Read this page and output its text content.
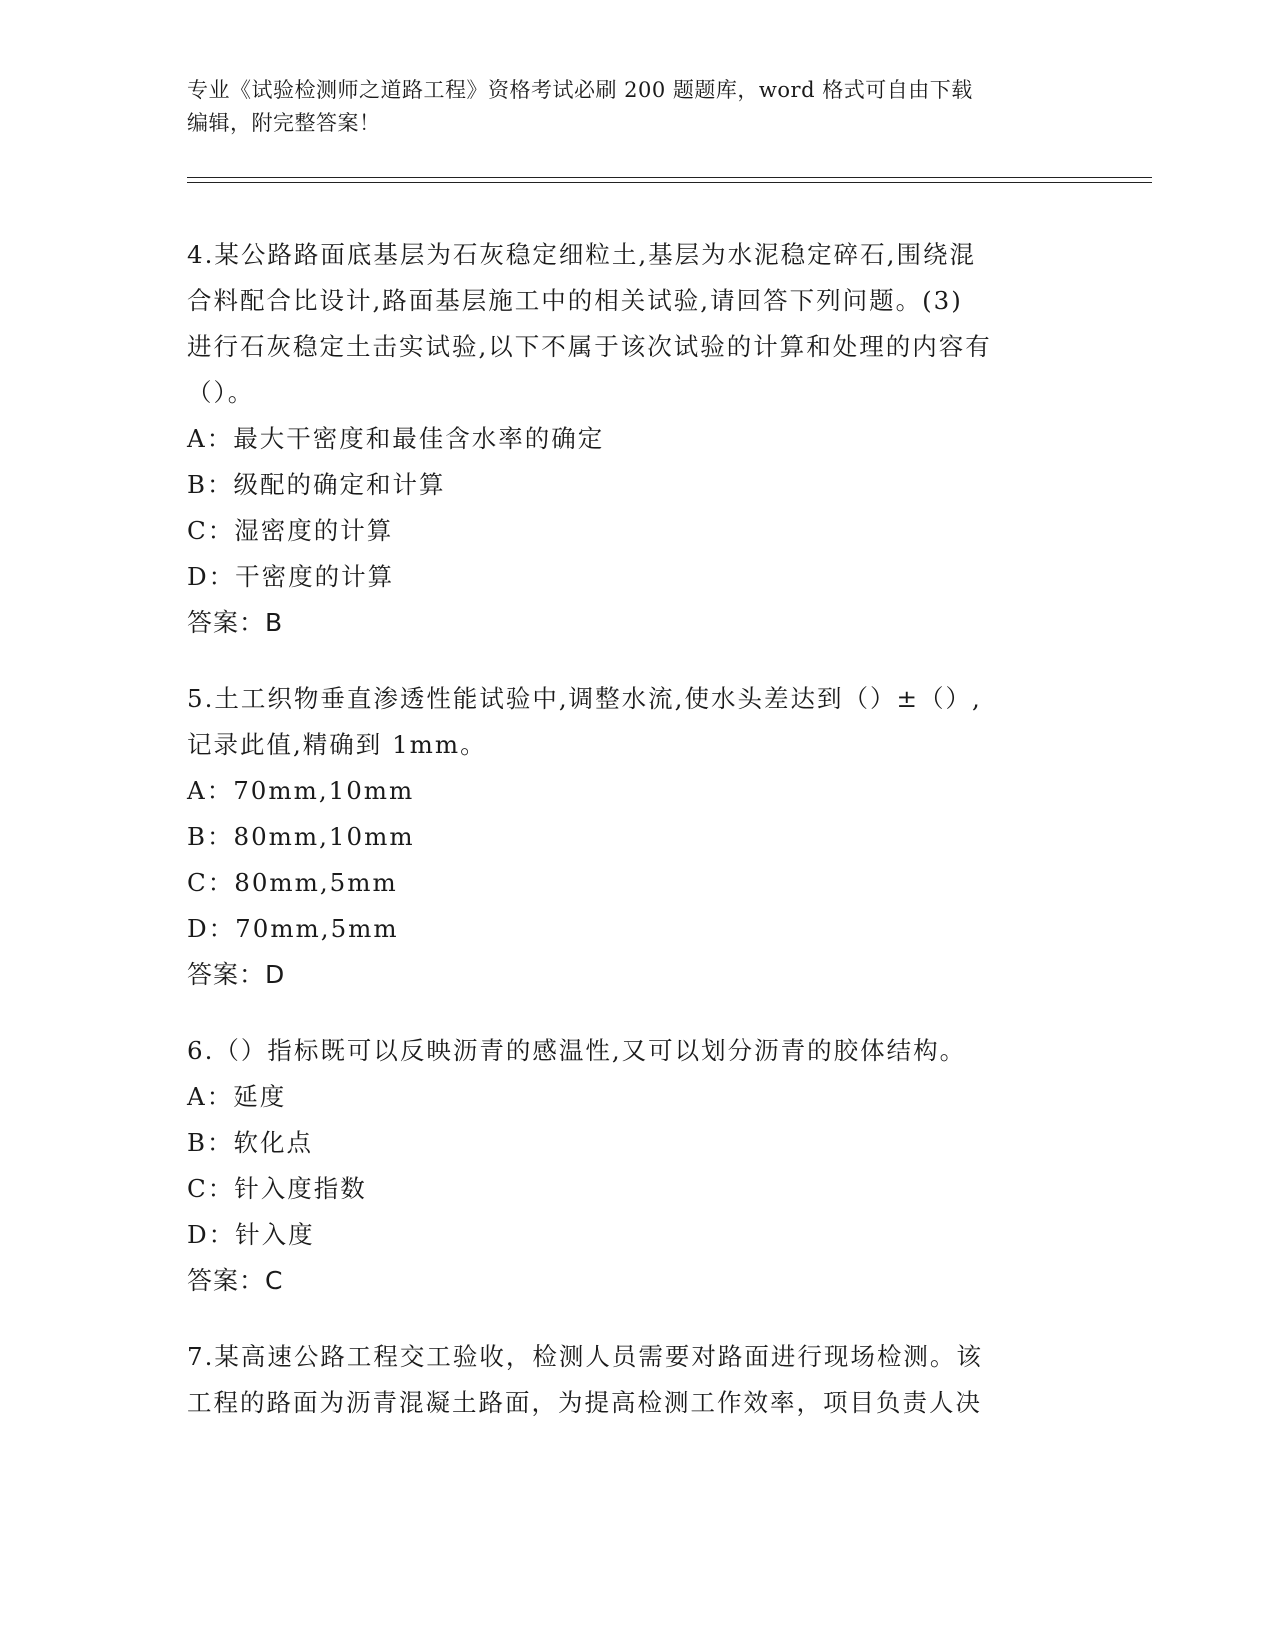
专业《试验检测师之道路工程》资格考试必刷 200 题题库，word 格式可自由下载
编辑，附完整答案！
4.某公路路面底基层为石灰稳定细粒土,基层为水泥稳定碎石,围绕混
合料配合比设计,路面基层施工中的相关试验,请回答下列问题。(3)
进行石灰稳定土击实试验,以下不属于该次试验的计算和处理的内容有
（）。
A：最大干密度和最佳含水率的确定
B：级配的确定和计算
C：湿密度的计算
D：干密度的计算
答案：B
5.土工织物垂直渗透性能试验中,调整水流,使水头差达到（）±（）,
记录此值,精确到 1mm。
A：70mm,10mm
B：80mm,10mm
C：80mm,5mm
D：70mm,5mm
答案：D
6.（）指标既可以反映沥青的感温性,又可以划分沥青的胶体结构。
A：延度
B：软化点
C：针入度指数
D：针入度
答案：C
7.某高速公路工程交工验收，检测人员需要对路面进行现场检测。该
工程的路面为沥青混凝土路面，为提高检测工作效率，项目负责人决
